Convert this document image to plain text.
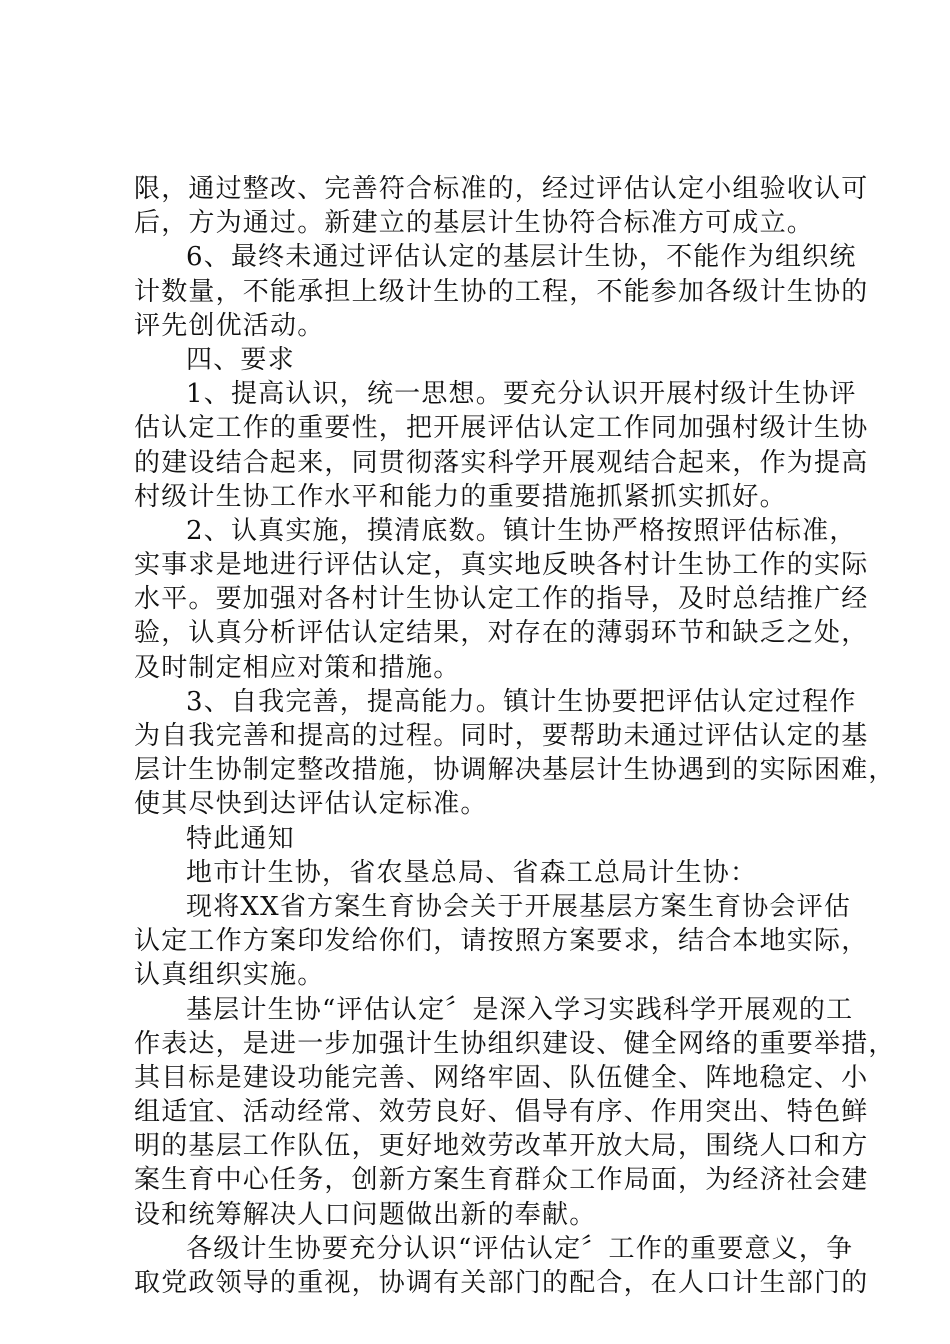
限，通过整改、完善符合标准的，经过评估认定小组验收认可
后，方为通过。新建立的基层计生协符合标准方可成立。
6、最终未通过评估认定的基层计生协，不能作为组织统
计数量，不能承担上级计生协的工程，不能参加各级计生协的
评先创优活动。
四、要求
1、提高认识，统一思想。要充分认识开展村级计生协评
估认定工作的重要性，把开展评估认定工作同加强村级计生协
的建设结合起来，同贯彻落实科学开展观结合起来，作为提高
村级计生协工作水平和能力的重要措施抓紧抓实抓好。
2、认真实施，摸清底数。镇计生协严格按照评估标准，
实事求是地进行评估认定，真实地反映各村计生协工作的实际
水平。要加强对各村计生协认定工作的指导，及时总结推广经
验，认真分析评估认定结果，对存在的薄弱环节和缺乏之处，
及时制定相应对策和措施。
3、自我完善，提高能力。镇计生协要把评估认定过程作
为自我完善和提高的过程。同时，要帮助未通过评估认定的基
层计生协制定整改措施，协调解决基层计生协遇到的实际困难，
使其尽快到达评估认定标准。
特此通知
地市计生协，省农垦总局、省森工总局计生协：
现将XX省方案生育协会关于开展基层方案生育协会评估
认定工作方案印发给你们，请按照方案要求，结合本地实际，
认真组织实施。
基层计生协“评估认定〞是深入学习实践科学开展观的工
作表达，是进一步加强计生协组织建设、健全网络的重要举措，
其目标是建设功能完善、网络牢固、队伍健全、阵地稳定、小
组适宜、活动经常、效劳良好、倡导有序、作用突出、特色鲜
明的基层工作队伍，更好地效劳改革开放大局，围绕人口和方
案生育中心任务，创新方案生育群众工作局面，为经济社会建
设和统筹解决人口问题做出新的奉献。
各级计生协要充分认识“评估认定〞工作的重要意义，争
取党政领导的重视，协调有关部门的配合，在人口计生部门的
